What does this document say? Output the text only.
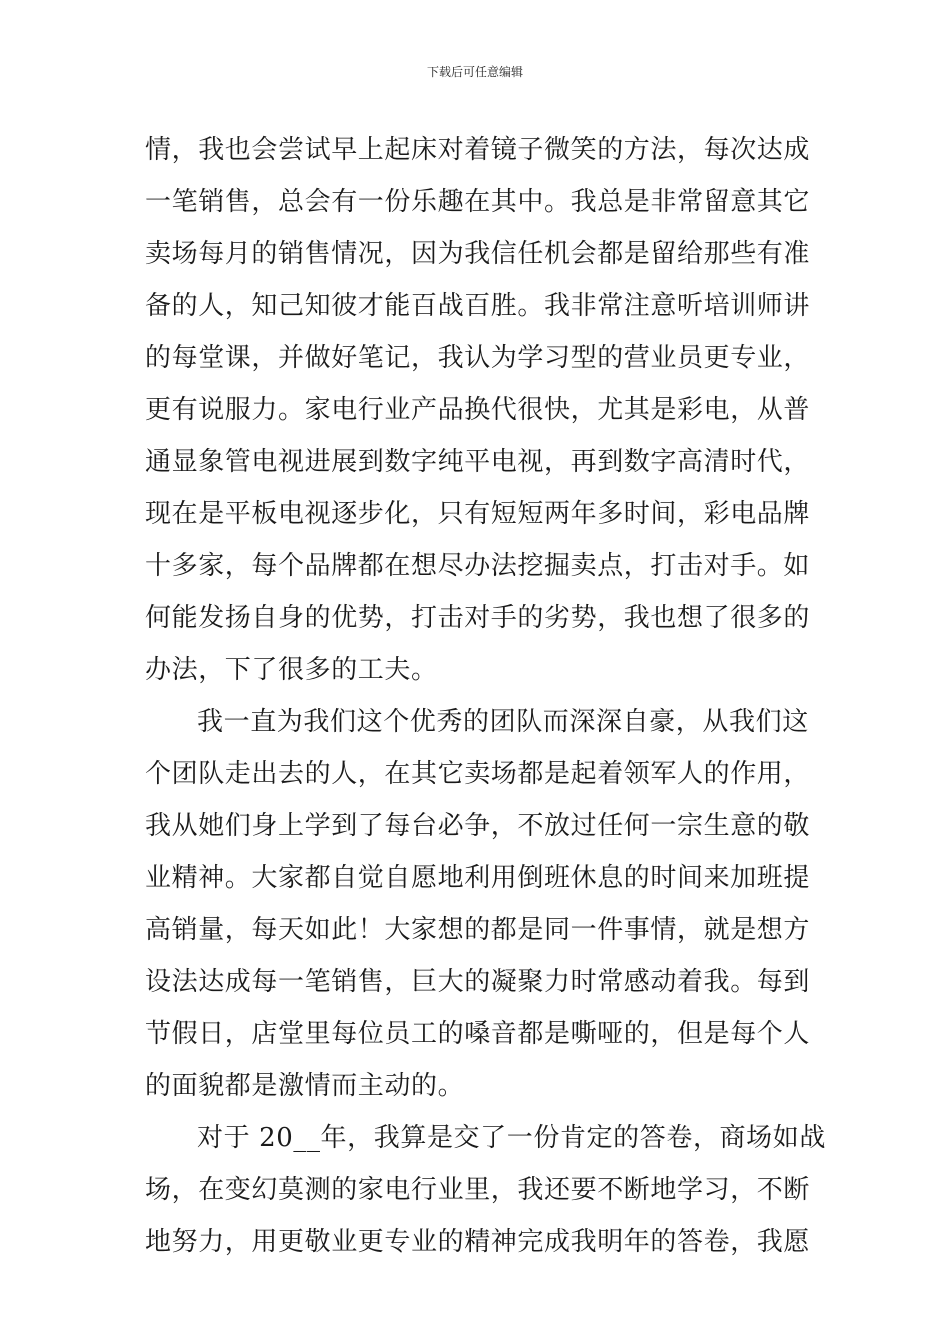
下载后可任意编辑
情，我也会尝试早上起床对着镜子微笑的方法，每次达成
一笔销售，总会有一份乐趣在其中。我总是非常留意其它
卖场每月的销售情况，因为我信任机会都是留给那些有准
备的人，知己知彼才能百战百胜。我非常注意听培训师讲
的每堂课，并做好笔记，我认为学习型的营业员更专业，
更有说服力。家电行业产品换代很快，尤其是彩电，从普
通显象管电视进展到数字纯平电视，再到数字高清时代，
现在是平板电视逐步化，只有短短两年多时间，彩电品牌
十多家，每个品牌都在想尽办法挖掘卖点，打击对手。如
何能发扬自身的优势，打击对手的劣势，我也想了很多的
办法，下了很多的工夫。
我一直为我们这个优秀的团队而深深自豪，从我们这
个团队走出去的人，在其它卖场都是起着领军人的作用，
我从她们身上学到了每台必争，不放过任何一宗生意的敬
业精神。大家都自觉自愿地利用倒班休息的时间来加班提
高销量，每天如此！大家想的都是同一件事情，就是想方
设法达成每一笔销售，巨大的凝聚力时常感动着我。每到
节假日，店堂里每位员工的嗓音都是嘶哑的，但是每个人
的面貌都是激情而主动的。
对于 20__年，我算是交了一份肯定的答卷，商场如战
场，在变幻莫测的家电行业里，我还要不断地学习，不断
地努力，用更敬业更专业的精神完成我明年的答卷，我愿
